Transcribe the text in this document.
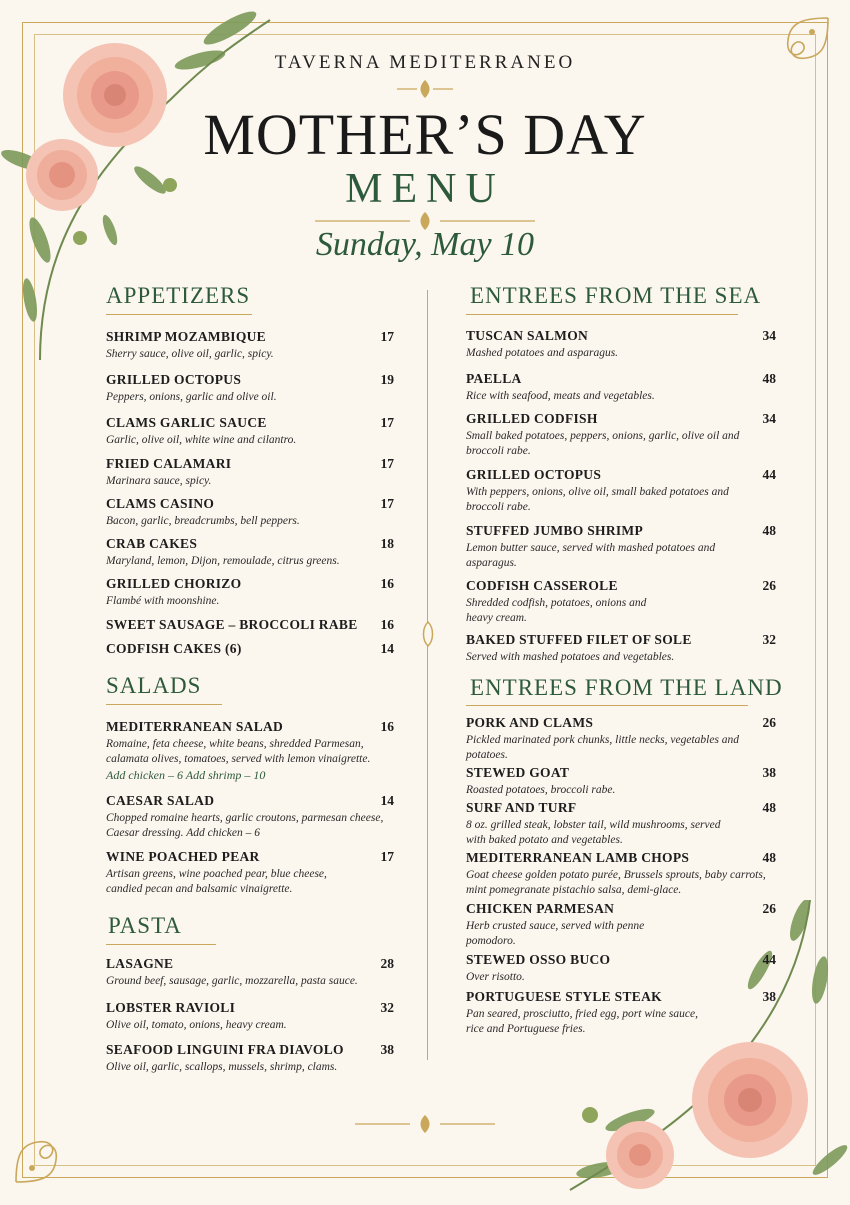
TAVERNA MEDITERRANEO
MOTHER’S DAY
MENU
Sunday, May 10
APPETIZERS
SHRIMP MOZAMBIQUE	17
Sherry sauce, olive oil, garlic, spicy.
GRILLED OCTOPUS	19
Peppers, onions, garlic and olive oil.
CLAMS GARLIC SAUCE	17
Garlic, olive oil, white wine and cilantro.
FRIED CALAMARI	17
Marinara sauce, spicy.
CLAMS CASINO	17
Bacon, garlic, breadcrumbs, bell peppers.
CRAB CAKES	18
Maryland, lemon, Dijon, remoulade, citrus greens.
GRILLED CHORIZO	16
Flambé with moonshine.
SWEET SAUSAGE – BROCCOLI RABE	16
CODFISH CAKES (6)	14
SALADS
MEDITERRANEAN SALAD	16
Romaine, feta cheese, white beans, shredded Parmesan, calamata olives, tomatoes, served with lemon vinaigrette.
Add chicken – 6 Add shrimp – 10
CAESAR SALAD	14
Chopped romaine hearts, garlic croutons, parmesan cheese, Caesar dressing. Add chicken – 6
WINE POACHED PEAR	17
Artisan greens, wine poached pear, blue cheese, candied pecan and balsamic vinaigrette.
PASTA
LASAGNE	28
Ground beef, sausage, garlic, mozzarella, pasta sauce.
LOBSTER RAVIOLI	32
Olive oil, tomato, onions, heavy cream.
SEAFOOD LINGUINI FRA DIAVOLO	38
Olive oil, garlic, scallops, mussels, shrimp, clams.
ENTREES FROM THE SEA
TUSCAN SALMON	34
Mashed potatoes and asparagus.
PAELLA	48
Rice with seafood, meats and vegetables.
GRILLED CODFISH	34
Small baked potatoes, peppers, onions, garlic, olive oil and broccoli rabe.
GRILLED OCTOPUS	44
With peppers, onions, olive oil, small baked potatoes and broccoli rabe.
STUFFED JUMBO SHRIMP	48
Lemon butter sauce, served with mashed potatoes and asparagus.
CODFISH CASSEROLE	26
Shredded codfish, potatoes, onions and heavy cream.
BAKED STUFFED FILET OF SOLE	32
Served with mashed potatoes and vegetables.
ENTREES FROM THE LAND
PORK AND CLAMS	26
Pickled marinated pork chunks, little necks, vegetables and potatoes.
STEWED GOAT	38
Roasted potatoes, broccoli rabe.
SURF AND TURF	48
8 oz. grilled steak, lobster tail, wild mushrooms, served with baked potato and vegetables.
MEDITERRANEAN LAMB CHOPS	48
Goat cheese golden potato purée, Brussels sprouts, baby carrots, mint pomegranate pistachio salsa, demi-glace.
CHICKEN PARMESAN	26
Herb crusted sauce, served with penne pomodoro.
STEWED OSSO BUCO	44
Over risotto.
PORTUGUESE STYLE STEAK	38
Pan seared, prosciutto, fried egg, port wine sauce, rice and Portuguese fries.
